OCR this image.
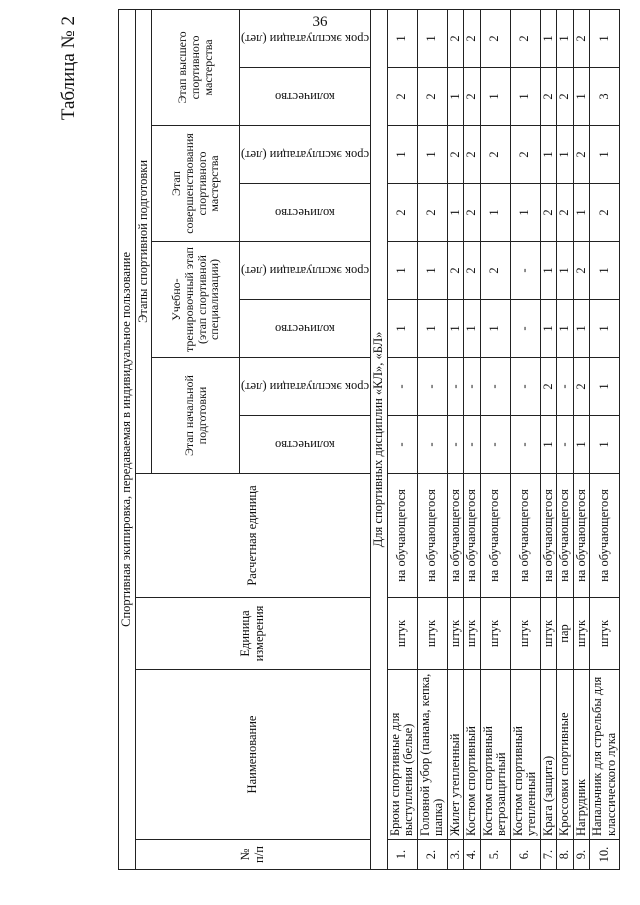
36
Таблица № 2
Спортивная экипировка, передаваемая в индивидуальное пользование											
№ п/п	Наименование	Единица измерения	Расчетная единица	Этапы спортивной подготовки							
				Этап начальной подготовки		Учебно-тренировочный этап (этап спортивной специализации)		Этап совершенствования спортивного мастерства		Этап высшего спортивного мастерства	

				количество	срок эксплуатации (лет)	количество	срок эксплуатации (лет)	количество	срок эксплуатации (лет)	количество	срок эксплуатации (лет)

Для спортивных дисциплин «КЛ», «БЛ»											
1.	Брюки спортивные для выступления (белые)	штук	на обучающегося	-	-	1	1	2	1	2	1
2.	Головной убор (панама, кепка, шапка)	штук	на обучающегося	-	-	1	1	2	1	2	1
3.	Жилет утепленный	штук	на обучающегося	-	-	1	2	1	2	1	2
4.	Костюм спортивный	штук	на обучающегося	-	-	1	2	2	2	2	2
5.	Костюм спортивный ветрозащитный	штук	на обучающегося	-	-	1	2	1	2	1	2
6.	Костюм спортивный утепленный	штук	на обучающегося	-	-	-	-	1	2	1	2
7.	Крага (защита)	штук	на обучающегося	1	2	1	1	2	1	2	1
8.	Кроссовки спортивные	пар	на обучающегося	-	-	1	1	2	1	2	1
9.	Нагрудник	штук	на обучающегося	1	2	1	2	1	2	1	2
10.	Напальчник для стрельбы для классического лука	штук	на обучающегося	1	1	1	1	2	1	3	1
